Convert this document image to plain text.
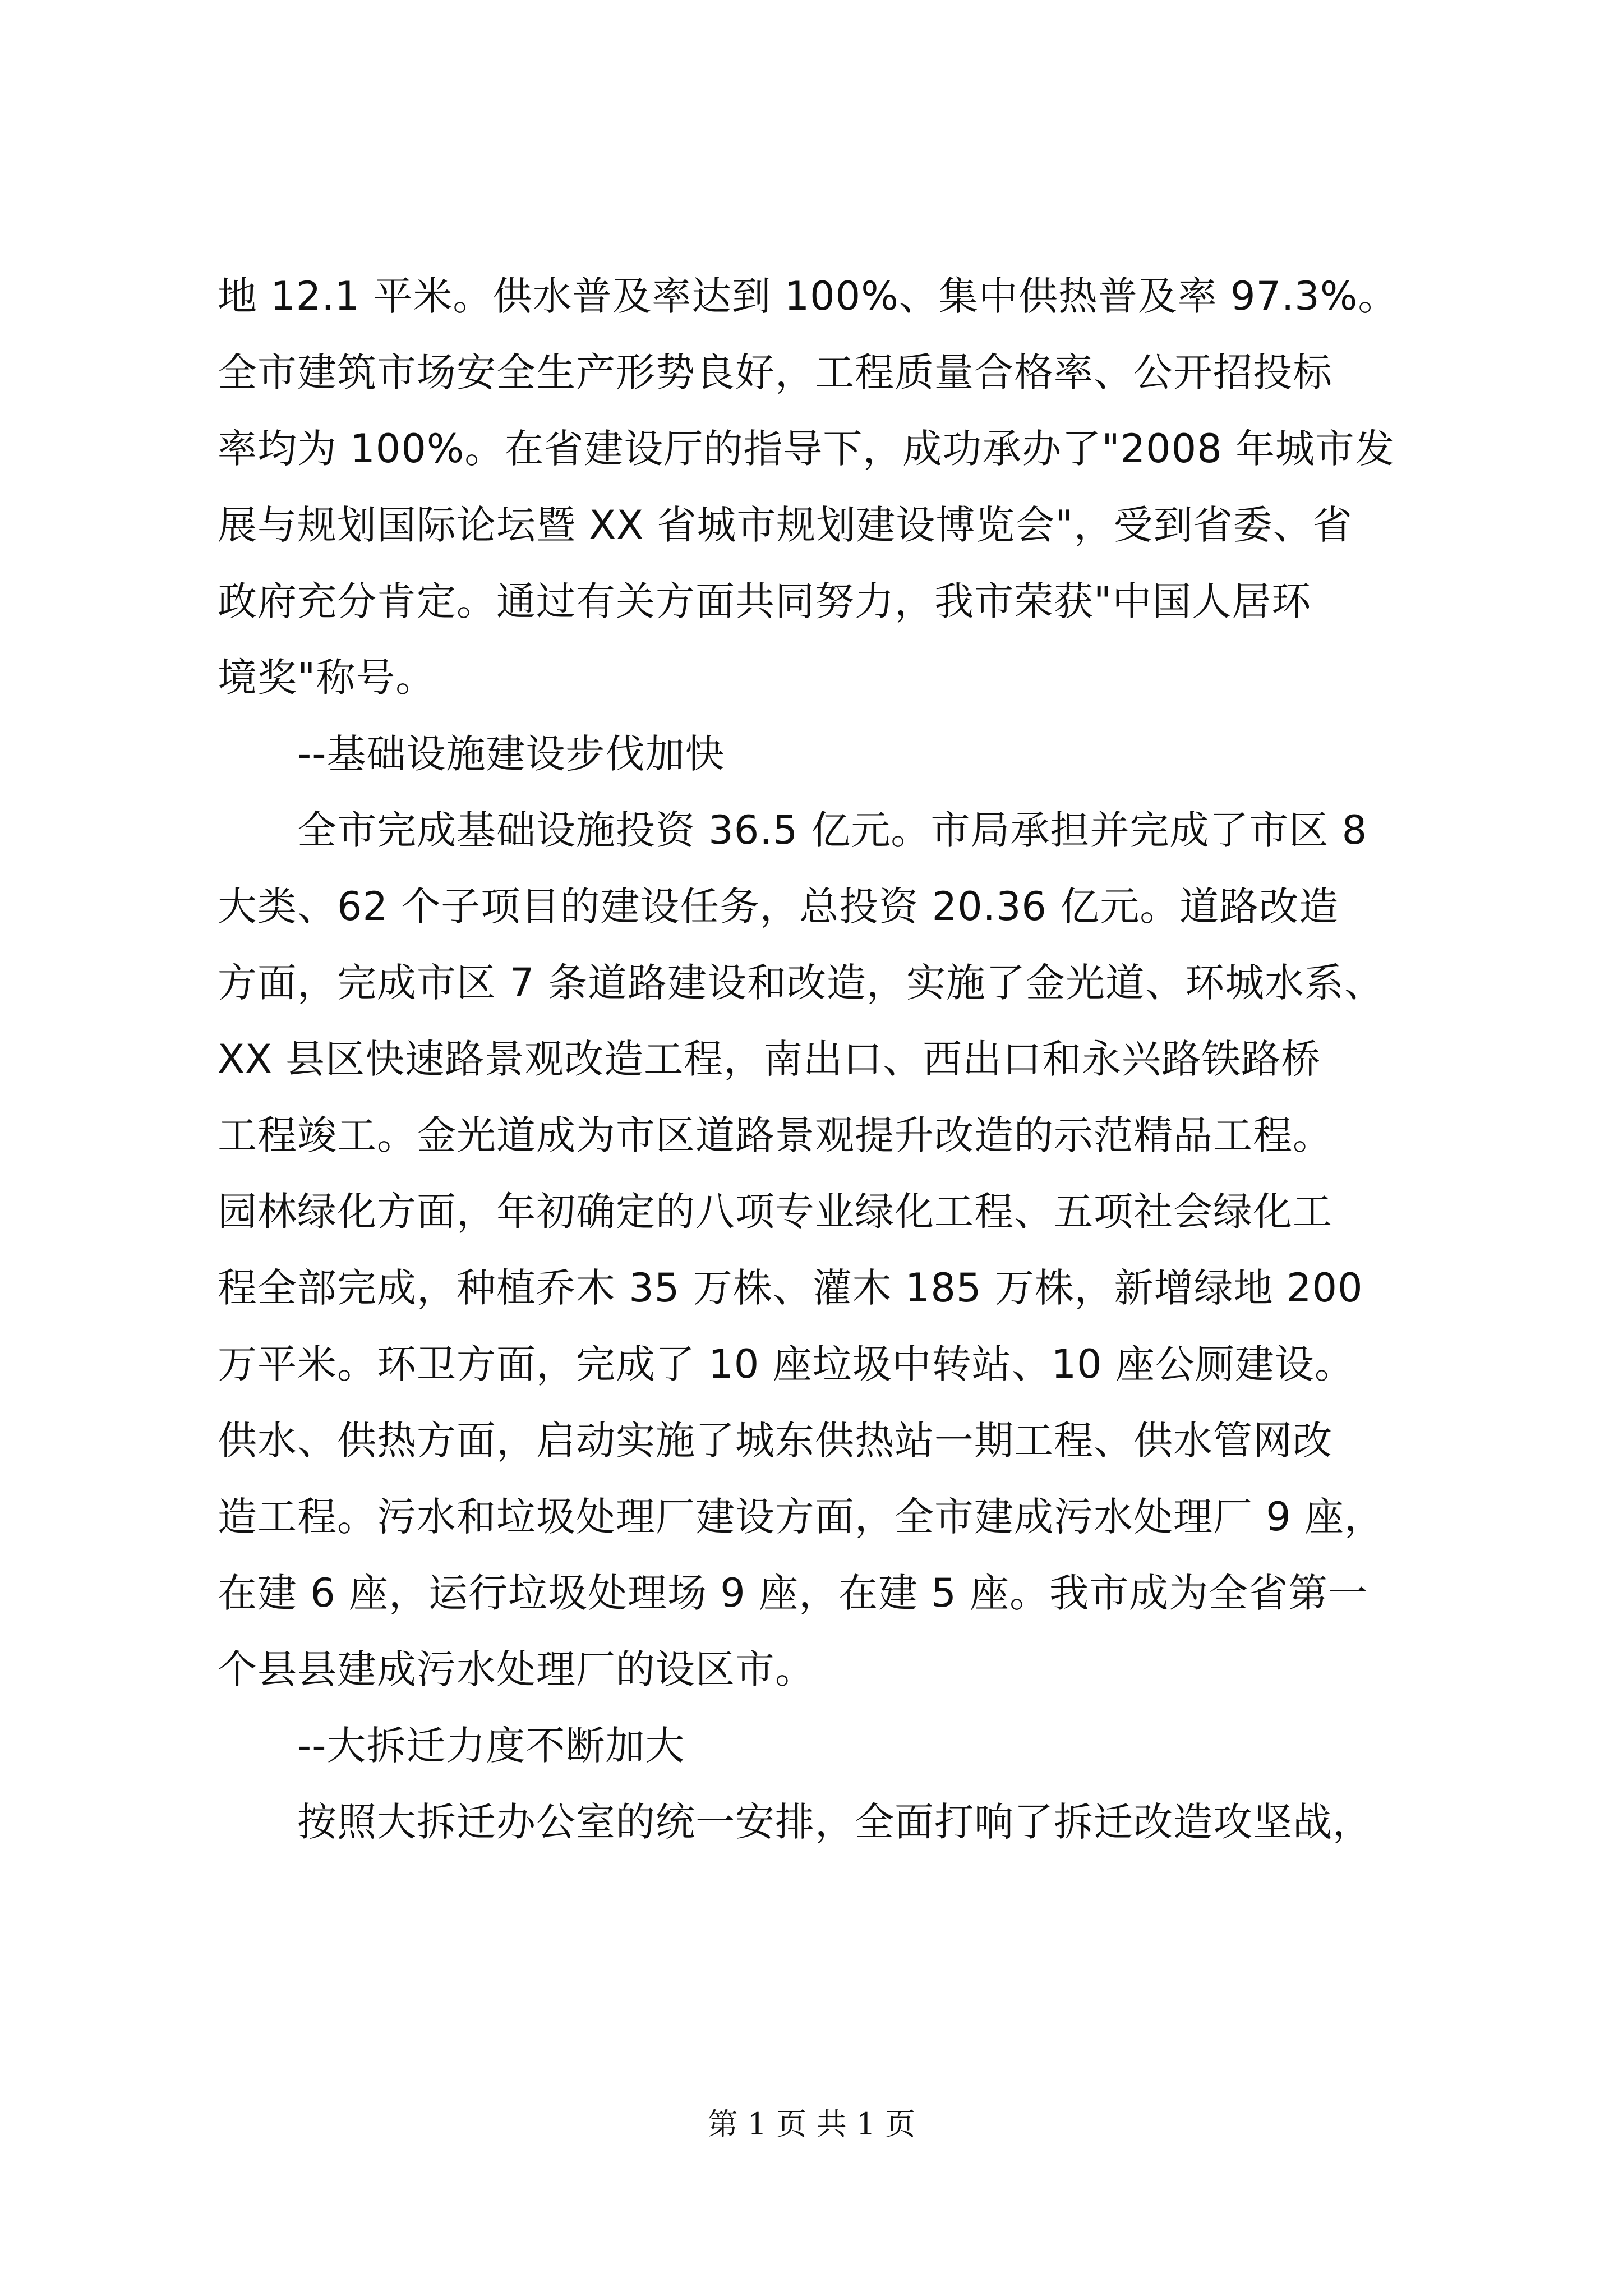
地 12.1 平米。供水普及率达到 100%、集中供热普及率 97.3%。
全市建筑市场安全生产形势良好，工程质量合格率、公开招投标
率均为 100%。在省建设厅的指导下，成功承办了"2008 年城市发
展与规划国际论坛暨 XX 省城市规划建设博览会"，受到省委、省
政府充分肯定。通过有关方面共同努力，我市荣获"中国人居环
境奖"称号。
--基础设施建设步伐加快
全市完成基础设施投资 36.5 亿元。市局承担并完成了市区 8
大类、62 个子项目的建设任务，总投资 20.36 亿元。道路改造
方面，完成市区 7 条道路建设和改造，实施了金光道、环城水系、
XX 县区快速路景观改造工程，南出口、西出口和永兴路铁路桥
工程竣工。金光道成为市区道路景观提升改造的示范精品工程。
园林绿化方面，年初确定的八项专业绿化工程、五项社会绿化工
程全部完成，种植乔木 35 万株、灌木 185 万株，新增绿地 200
万平米。环卫方面，完成了 10 座垃圾中转站、10 座公厕建设。
供水、供热方面，启动实施了城东供热站一期工程、供水管网改
造工程。污水和垃圾处理厂建设方面，全市建成污水处理厂 9 座，
在建 6 座，运行垃圾处理场 9 座，在建 5 座。我市成为全省第一
个县县建成污水处理厂的设区市。
--大拆迁力度不断加大
按照大拆迁办公室的统一安排，全面打响了拆迁改造攻坚战，
第 1 页 共 1 页
